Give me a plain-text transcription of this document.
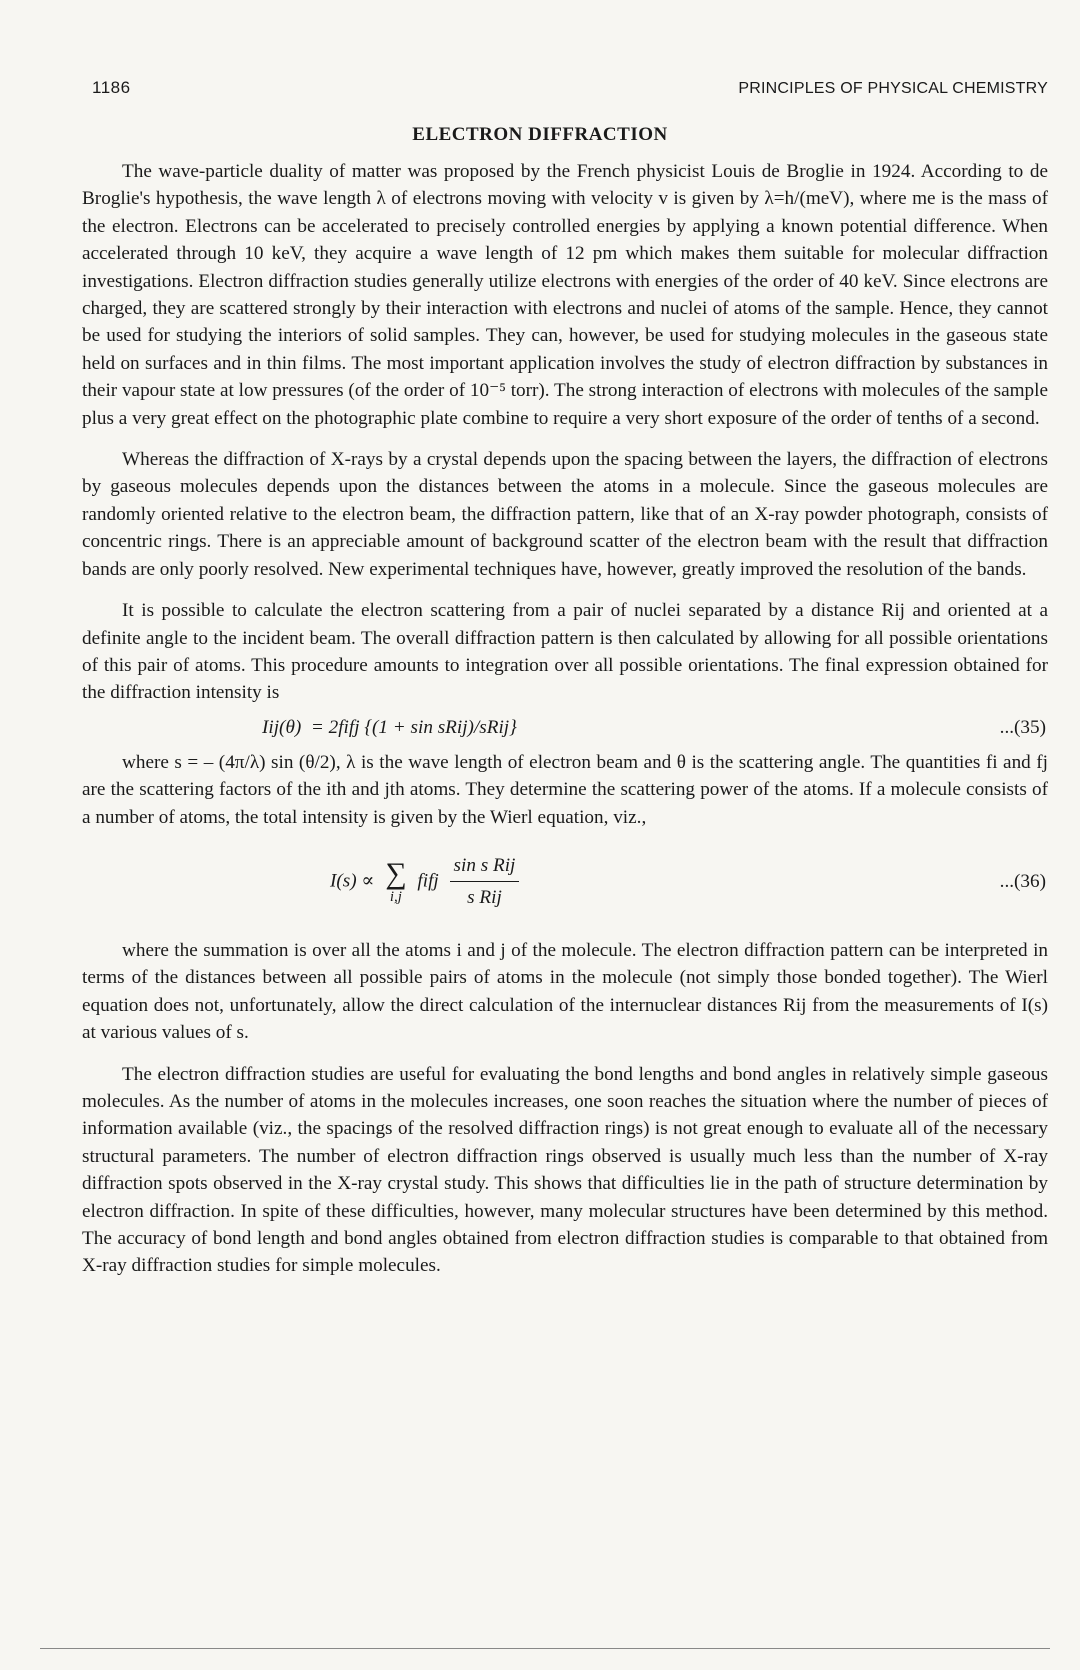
1186	PRINCIPLES OF PHYSICAL CHEMISTRY
ELECTRON DIFFRACTION

The wave-particle duality of matter was proposed by the French physicist Louis de Broglie in 1924. According to de Broglie's hypothesis, the wave length λ of electrons moving with velocity v is given by λ=h/(meV), where me is the mass of the electron. Electrons can be accelerated to precisely controlled energies by applying a known potential difference. When accelerated through 10 keV, they acquire a wave length of 12 pm which makes them suitable for molecular diffraction investigations. Electron diffraction studies generally utilize electrons with energies of the order of 40 keV. Since electrons are charged, they are scattered strongly by their interaction with electrons and nuclei of atoms of the sample. Hence, they cannot be used for studying the interiors of solid samples. They can, however, be used for studying molecules in the gaseous state held on surfaces and in thin films. The most important application involves the study of electron diffraction by substances in their vapour state at low pressures (of the order of 10⁻⁵ torr). The strong interaction of electrons with molecules of the sample plus a very great effect on the photographic plate combine to require a very short exposure of the order of tenths of a second.

Whereas the diffraction of X-rays by a crystal depends upon the spacing between the layers, the diffraction of electrons by gaseous molecules depends upon the distances between the atoms in a molecule. Since the gaseous molecules are randomly oriented relative to the electron beam, the diffraction pattern, like that of an X-ray powder photograph, consists of concentric rings. There is an appreciable amount of background scatter of the electron beam with the result that diffraction bands are only poorly resolved. New experimental techniques have, however, greatly improved the resolution of the bands.

It is possible to calculate the electron scattering from a pair of nuclei separated by a distance Rij and oriented at a definite angle to the incident beam. The overall diffraction pattern is then calculated by allowing for all possible orientations of this pair of atoms. This procedure amounts to integration over all possible orientations. The final expression obtained for the diffraction intensity is

Iij(θ) = 2fifj {(1 + sin sRij)/sRij}	...(35)

where s = – (4π/λ) sin (θ/2), λ is the wave length of electron beam and θ is the scattering angle. The quantities fi and fj are the scattering factors of the ith and jth atoms. They determine the scattering power of the atoms. If a molecule consists of a number of atoms, the total intensity is given by the Wierl equation, viz.,

I(s) ∝ ∑
i,j
fifj $\frac{\text{sin s Rij}}{\text{s Rij}}$	...(36)

where the summation is over all the atoms i and j of the molecule. The electron diffraction pattern can be interpreted in terms of the distances between all possible pairs of atoms in the molecule (not simply those bonded together). The Wierl equation does not, unfortunately, allow the direct calculation of the internuclear distances Rij from the measurements of I(s) at various values of s.

The electron diffraction studies are useful for evaluating the bond lengths and bond angles in relatively simple gaseous molecules. As the number of atoms in the molecules increases, one soon reaches the situation where the number of pieces of information available (viz., the spacings of the resolved diffraction rings) is not great enough to evaluate all of the necessary structural parameters. The number of electron diffraction rings observed is usually much less than the number of X-ray diffraction spots observed in the X-ray crystal study. This shows that difficulties lie in the path of structure determination by electron diffraction. In spite of these difficulties, however, many molecular structures have been determined by this method. The accuracy of bond length and bond angles obtained from electron diffraction studies is comparable to that obtained from X-ray diffraction studies for simple molecules.
